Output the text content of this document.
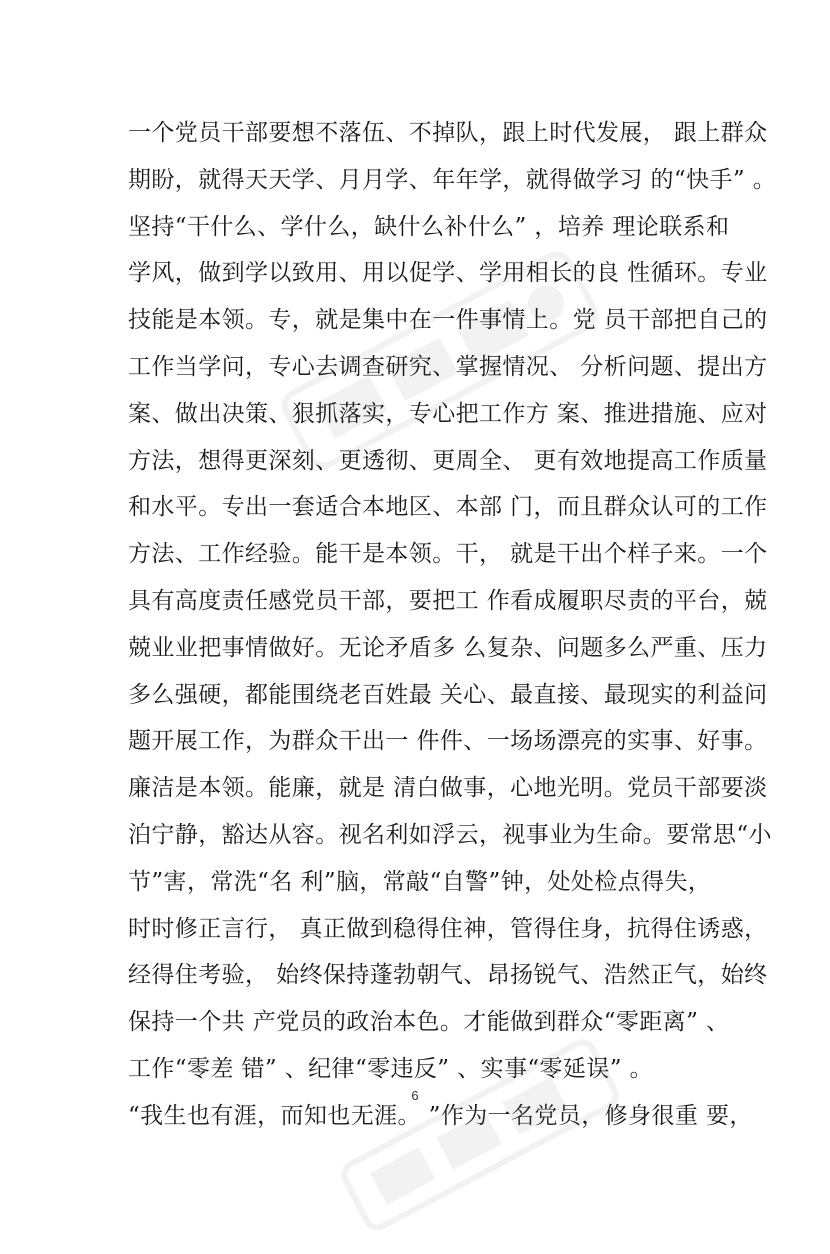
一个党员干部要想不落伍、不掉队，跟上时代发展， 跟上群众
期盼，就得天天学、月月学、年年学，就得做学习 的“快手” 。
坚持“干什么、学什么，缺什么补什么” ，培养 理论联系和
学风，做到学以致用、用以促学、学用相长的良 性循环。专业
技能是本领。专，就是集中在一件事情上。党 员干部把自己的
工作当学问，专心去调查研究、掌握情况、 分析问题、提出方
案、做出决策、狠抓落实，专心把工作方 案、推进措施、应对
方法，想得更深刻、更透彻、更周全、 更有效地提高工作质量
和水平。专出一套适合本地区、本部 门，而且群众认可的工作
方法、工作经验。能干是本领。干， 就是干出个样子来。一个
具有高度责任感党员干部，要把工 作看成履职尽责的平台，兢
兢业业把事情做好。无论矛盾多 么复杂、问题多么严重、压力
多么强硬，都能围绕老百姓最 关心、最直接、最现实的利益问
题开展工作，为群众干出一 件件、一场场漂亮的实事、好事。
廉洁是本领。能廉，就是 清白做事，心地光明。党员干部要淡
泊宁静，豁达从容。视名利如浮云，视事业为生命。要常思“小
节”害，常洗“名 利”脑，常敲“自警”钟，处处检点得失，
时时修正言行， 真正做到稳得住神，管得住身，抗得住诱惑，
经得住考验， 始终保持蓬勃朝气、昂扬锐气、浩然正气，始终
保持一个共 产党员的政治本色。才能做到群众“零距离” 、
工作“零差 错” 、纪律“零违反” 、实事“零延误” 。
“我生也有涯，而知也无涯。 ”作为一名党员，修身很重 要，
6
